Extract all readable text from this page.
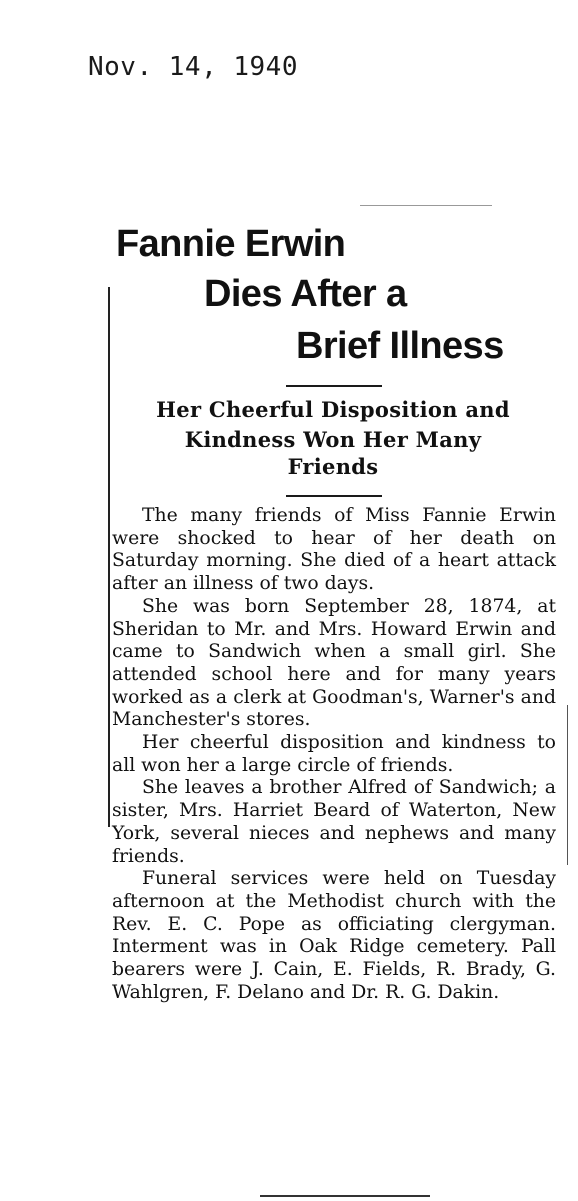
Nov. 14, 1940
Fannie Erwin
Dies After a
Brief Illness
Her Cheerful Disposition and
Kindness Won Her Many
Friends

The many friends of Miss Fannie Erwin were shocked to hear of her death on Saturday morning. She died of a heart attack after an illness of two days.

She was born September 28, 1874, at Sheridan to Mr. and Mrs. Howard Erwin and came to Sandwich when a small girl. She attended school here and for many years worked as a clerk at Goodman's, Warner's and Manchester's stores.

Her cheerful disposition and kindness to all won her a large circle of friends.

She leaves a brother Alfred of Sandwich; a sister, Mrs. Harriet Beard of Waterton, New York, several nieces and nephews and many friends.

Funeral services were held on Tuesday afternoon at the Methodist church with the Rev. E. C. Pope as officiating clergyman. Interment was in Oak Ridge cemetery. Pall bearers were J. Cain, E. Fields, R. Brady, G. Wahlgren, F. Delano and Dr. R. G. Dakin.
